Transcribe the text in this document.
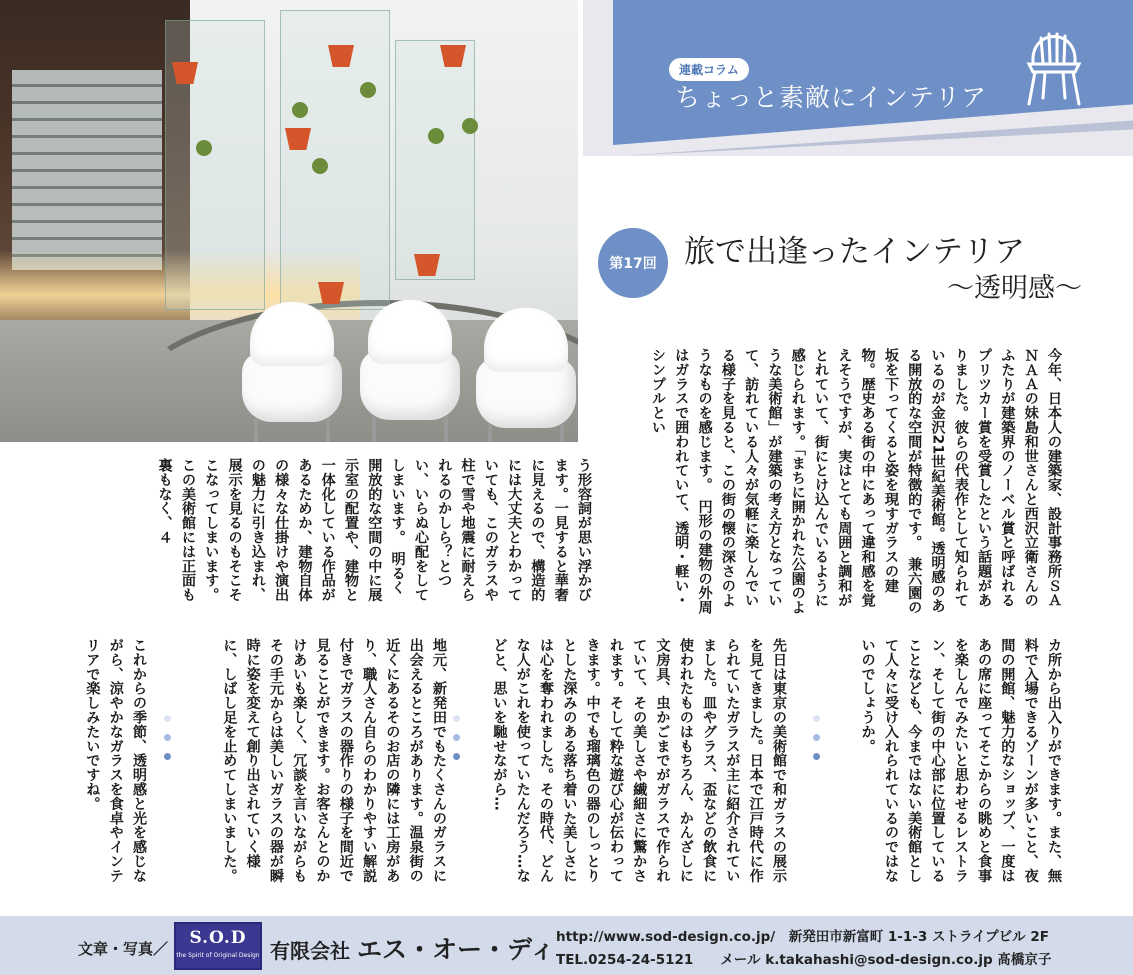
連載コラム
ちょっと素敵にインテリア
第17回 旅で出逢ったインテリア
〜透明感〜
今年、日本人の建築家、設計事務所ＳＡＮＡＡの妹島和世さんと西沢立衛さんのふたりが建築界のノーベル賞と呼ばれるプリツカー賞を受賞したという話題がありました。彼らの代表作として知られているのが金沢21世紀美術館。透明感のある開放的な空間が特徴的です。　兼六園の坂を下ってくると姿を現すガラスの建物。歴史ある街の中にあって違和感を覚えそうですが、実はとても周囲と調和がとれていて、街にとけ込んでいるように感じられます。「まちに開かれた公園のような美術館」が建築の考え方となっていて、訪れている人々が気軽に楽しんでいる様子を見ると、この街の懐の深さのようなものを感じます。　円形の建物の外周はガラスで囲われていて、透明・軽い・シンプルとい
う形容詞が思い浮かびます。一見すると華奢に見えるので、構造的には大丈夫とわかっていても、このガラスや柱で雪や地震に耐えられるのかしら？とつい、いらぬ心配をしてしまいます。　明るく開放的な空間の中に展示室の配置や、建物と一体化している作品があるためか、建物自体の様々な仕掛けや演出の魅力に引き込まれ、展示を見るのもそこそこなってしまいます。　この美術館には正面も裏もなく、４
カ所から出入りができます。また、無料で入場できるゾーンが多いこと、夜間の開館、魅力的なショップ、一度はあの席に座ってそこからの眺めと食事を楽しんでみたいと思わせるレストラン、そして街の中心部に位置していることなども、今まではない美術館として人々に受け入れられているのではないのでしょうか。
先日は東京の美術館で和ガラスの展示を見てきました。日本で江戸時代に作られていたガラスが主に紹介されていました。皿やグラス、盃などの飲食に使われたものはもちろん、かんざしに文房具、虫かごまでがガラスで作られていて、その美しさや繊細さに驚かされます。そして粋な遊び心が伝わってきます。中でも瑠璃色の器のしっとりとした深みのある落ち着いた美しさには心を奪われました。その時代、どんな人がこれを使っていたんだろう…などと、思いを馳せながら…
地元、新発田でもたくさんのガラスに出会えるところがあります。温泉街の近くにあるそのお店の隣には工房があり、職人さん自らのわかりやすい解説付きでガラスの器作りの様子を間近で見ることができます。お客さんとのかけあいも楽しく、冗談を言いながらもその手元からは美しいガラスの器が瞬時に姿を変えて創り出されていく様に、しばし足を止めてしまいました。
これからの季節、透明感と光を感じながら、涼やかなガラスを食卓やインテリアで楽しみたいですね。
文章・写真／
S.O.D
the Spirit of Original Design 有限会社 エス・オー・ディ http://www.sod-design.co.jp/　新発田市新富町 1-1-3 ストライプビル 2F
TEL.0254-24-5121　　メール k.takahashi@sod-design.co.jp 髙橋京子
